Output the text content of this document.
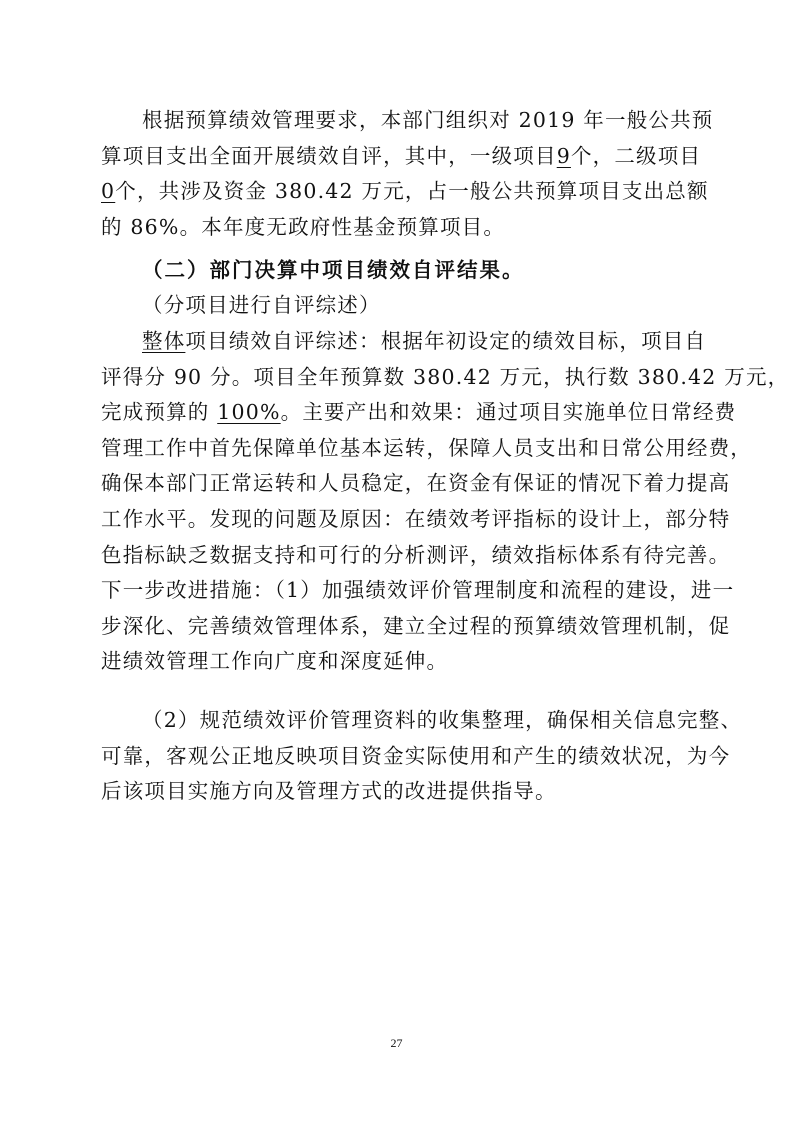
根据预算绩效管理要求，本部门组织对 2019 年一般公共预
算项目支出全面开展绩效自评，其中，一级项目9个，二级项目
0个，共涉及资金 380.42 万元，占一般公共预算项目支出总额
的 86%。本年度无政府性基金预算项目。
（二）部门决算中项目绩效自评结果。
（分项目进行自评综述）
整体项目绩效自评综述：根据年初设定的绩效目标，项目自
评得分 90 分。项目全年预算数 380.42 万元，执行数 380.42 万元，
完成预算的 100%。主要产出和效果：通过项目实施单位日常经费
管理工作中首先保障单位基本运转，保障人员支出和日常公用经费，
确保本部门正常运转和人员稳定，在资金有保证的情况下着力提高
工作水平。发现的问题及原因：在绩效考评指标的设计上，部分特
色指标缺乏数据支持和可行的分析测评，绩效指标体系有待完善。
下一步改进措施：（1）加强绩效评价管理制度和流程的建设，进一
步深化、完善绩效管理体系，建立全过程的预算绩效管理机制，促
进绩效管理工作向广度和深度延伸。
（2）规范绩效评价管理资料的收集整理，确保相关信息完整、
可靠，客观公正地反映项目资金实际使用和产生的绩效状况，为今
后该项目实施方向及管理方式的改进提供指导。
27
